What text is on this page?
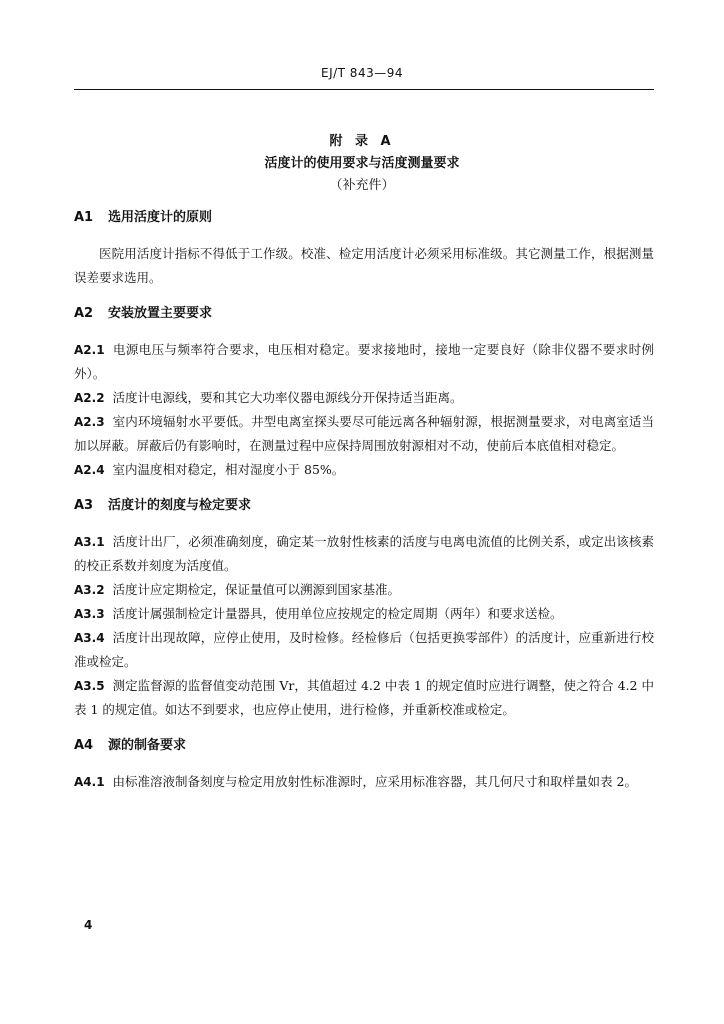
EJ/T 843—94
附 录 A
活度计的使用要求与活度测量要求
（补充件）
A1 选用活度计的原则

医院用活度计指标不得低于工作级。校准、检定用活度计必须采用标准级。其它测量工作，根据测量误差要求选用。

A2 安装放置主要要求

A2.1 电源电压与频率符合要求，电压相对稳定。要求接地时，接地一定要良好（除非仪器不要求时例外）。

A2.2 活度计电源线，要和其它大功率仪器电源线分开保持适当距离。

A2.3 室内环境辐射水平要低。井型电离室探头要尽可能远离各种辐射源，根据测量要求，对电离室适当加以屏蔽。屏蔽后仍有影响时，在测量过程中应保持周围放射源相对不动，使前后本底值相对稳定。

A2.4 室内温度相对稳定，相对湿度小于 85%。

A3 活度计的刻度与检定要求

A3.1 活度计出厂，必须准确刻度，确定某一放射性核素的活度与电离电流值的比例关系，或定出该核素的校正系数并刻度为活度值。

A3.2 活度计应定期检定，保证量值可以溯源到国家基准。

A3.3 活度计属强制检定计量器具，使用单位应按规定的检定周期（两年）和要求送检。

A3.4 活度计出现故障，应停止使用，及时检修。经检修后（包括更换零部件）的活度计，应重新进行校准或检定。

A3.5 测定监督源的监督值变动范围 Vr，其值超过 4.2 中表 1 的规定值时应进行调整，使之符合 4.2 中表 1 的规定值。如达不到要求，也应停止使用，进行检修，并重新校准或检定。

A4 源的制备要求

A4.1 由标准溶液制备刻度与检定用放射性标准源时，应采用标准容器，其几何尺寸和取样量如表 2。

4
